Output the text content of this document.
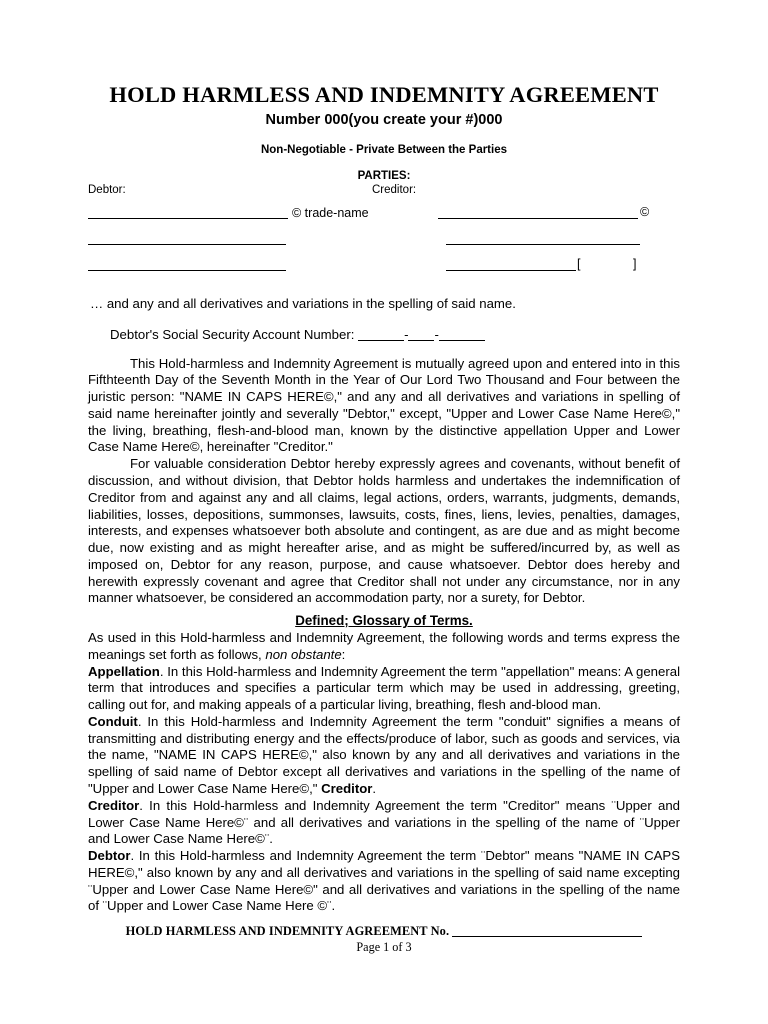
HOLD HARMLESS AND INDEMNITY AGREEMENT
Number 000(you create your #)000
Non-Negotiable - Private Between the Parties
PARTIES:
Debtor:	Creditor:
© trade-name	©
[	]
… and any and all derivatives and variations in the spelling of said name.
Debtor's Social Security Account Number:	- -
This Hold-harmless and Indemnity Agreement is mutually agreed upon and entered into in this Fifthteenth Day of the Seventh Month in the Year of Our Lord Two Thousand and Four between the juristic person: "NAME IN CAPS HERE©," and any and all derivatives and variations in spelling of said name hereinafter jointly and severally "Debtor," except, "Upper and Lower Case Name Here©," the living, breathing, flesh-and-blood man, known by the distinctive appellation Upper and Lower Case Name Here©, hereinafter "Creditor."
For valuable consideration Debtor hereby expressly agrees and covenants, without benefit of discussion, and without division, that Debtor holds harmless and undertakes the indemnification of Creditor from and against any and all claims, legal actions, orders, warrants, judgments, demands, liabilities, losses, depositions, summonses, lawsuits, costs, fines, liens, levies, penalties, damages, interests, and expenses whatsoever both absolute and contingent, as are due and as might become due, now existing and as might hereafter arise, and as might be suffered/incurred by, as well as imposed on, Debtor for any reason, purpose, and cause whatsoever. Debtor does hereby and herewith expressly covenant and agree that Creditor shall not under any circumstance, nor in any manner whatsoever, be considered an accommodation party, nor a surety, for Debtor.
Defined; Glossary of Terms.
As used in this Hold-harmless and Indemnity Agreement, the following words and terms express the meanings set forth as follows, non obstante:
Appellation. In this Hold-harmless and Indemnity Agreement the term "appellation" means: A general term that introduces and specifies a particular term which may be used in addressing, greeting, calling out for, and making appeals of a particular living, breathing, flesh and-blood man.
Conduit. In this Hold-harmless and Indemnity Agreement the term "conduit" signifies a means of transmitting and distributing energy and the effects/produce of labor, such as goods and services, via the name, "NAME IN CAPS HERE©," also known by any and all derivatives and variations in the spelling of said name of Debtor except all derivatives and variations in the spelling of the name of "Upper and Lower Case Name Here©," Creditor.
Creditor. In this Hold-harmless and Indemnity Agreement the term "Creditor" means ¨Upper and Lower Case Name Here©¨ and all derivatives and variations in the spelling of the name of ¨Upper and Lower Case Name Here©¨.
Debtor. In this Hold-harmless and Indemnity Agreement the term ¨Debtor" means "NAME IN CAPS HERE©," also known by any and all derivatives and variations in the spelling of said name excepting ¨Upper and Lower Case Name Here©" and all derivatives and variations in the spelling of the name of ¨Upper and Lower Case Name Here ©¨.
HOLD HARMLESS AND INDEMNITY AGREEMENT No.
Page 1 of 3
